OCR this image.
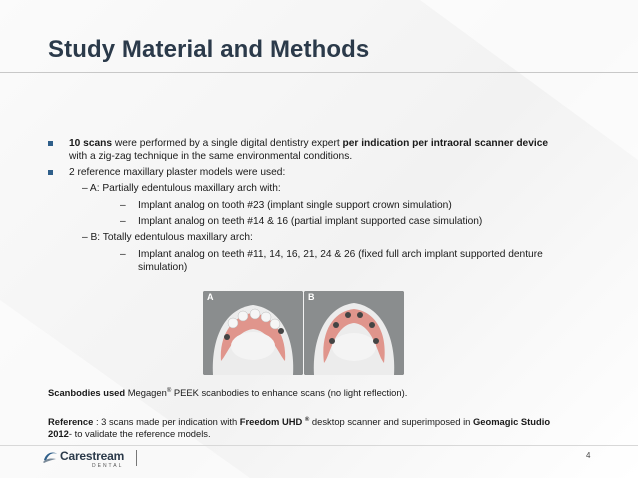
Study Material and Methods
10 scans were performed by a single digital dentistry expert per indication per intraoral scanner device
with a zig-zag technique in the same environmental conditions.
2 reference maxillary plaster models were used:
– A: Partially edentulous maxillary arch with:
– Implant analog on tooth #23 (implant single support crown simulation)
– Implant analog on teeth #14 & 16 (partial implant supported case simulation)
– B: Totally edentulous maxillary arch:
– Implant analog on teeth #11, 14, 16, 21, 24 & 26 (fixed full arch implant supported denture
simulation)
A	B
Scanbodies used Megagen® PEEK scanbodies to enhance scans (no light reflection).
Reference : 3 scans made per indication with Freedom UHD ® desktop scanner and superimposed in Geomagic Studio
2012- to validate the reference models.
Carestream
DENTAL
4
